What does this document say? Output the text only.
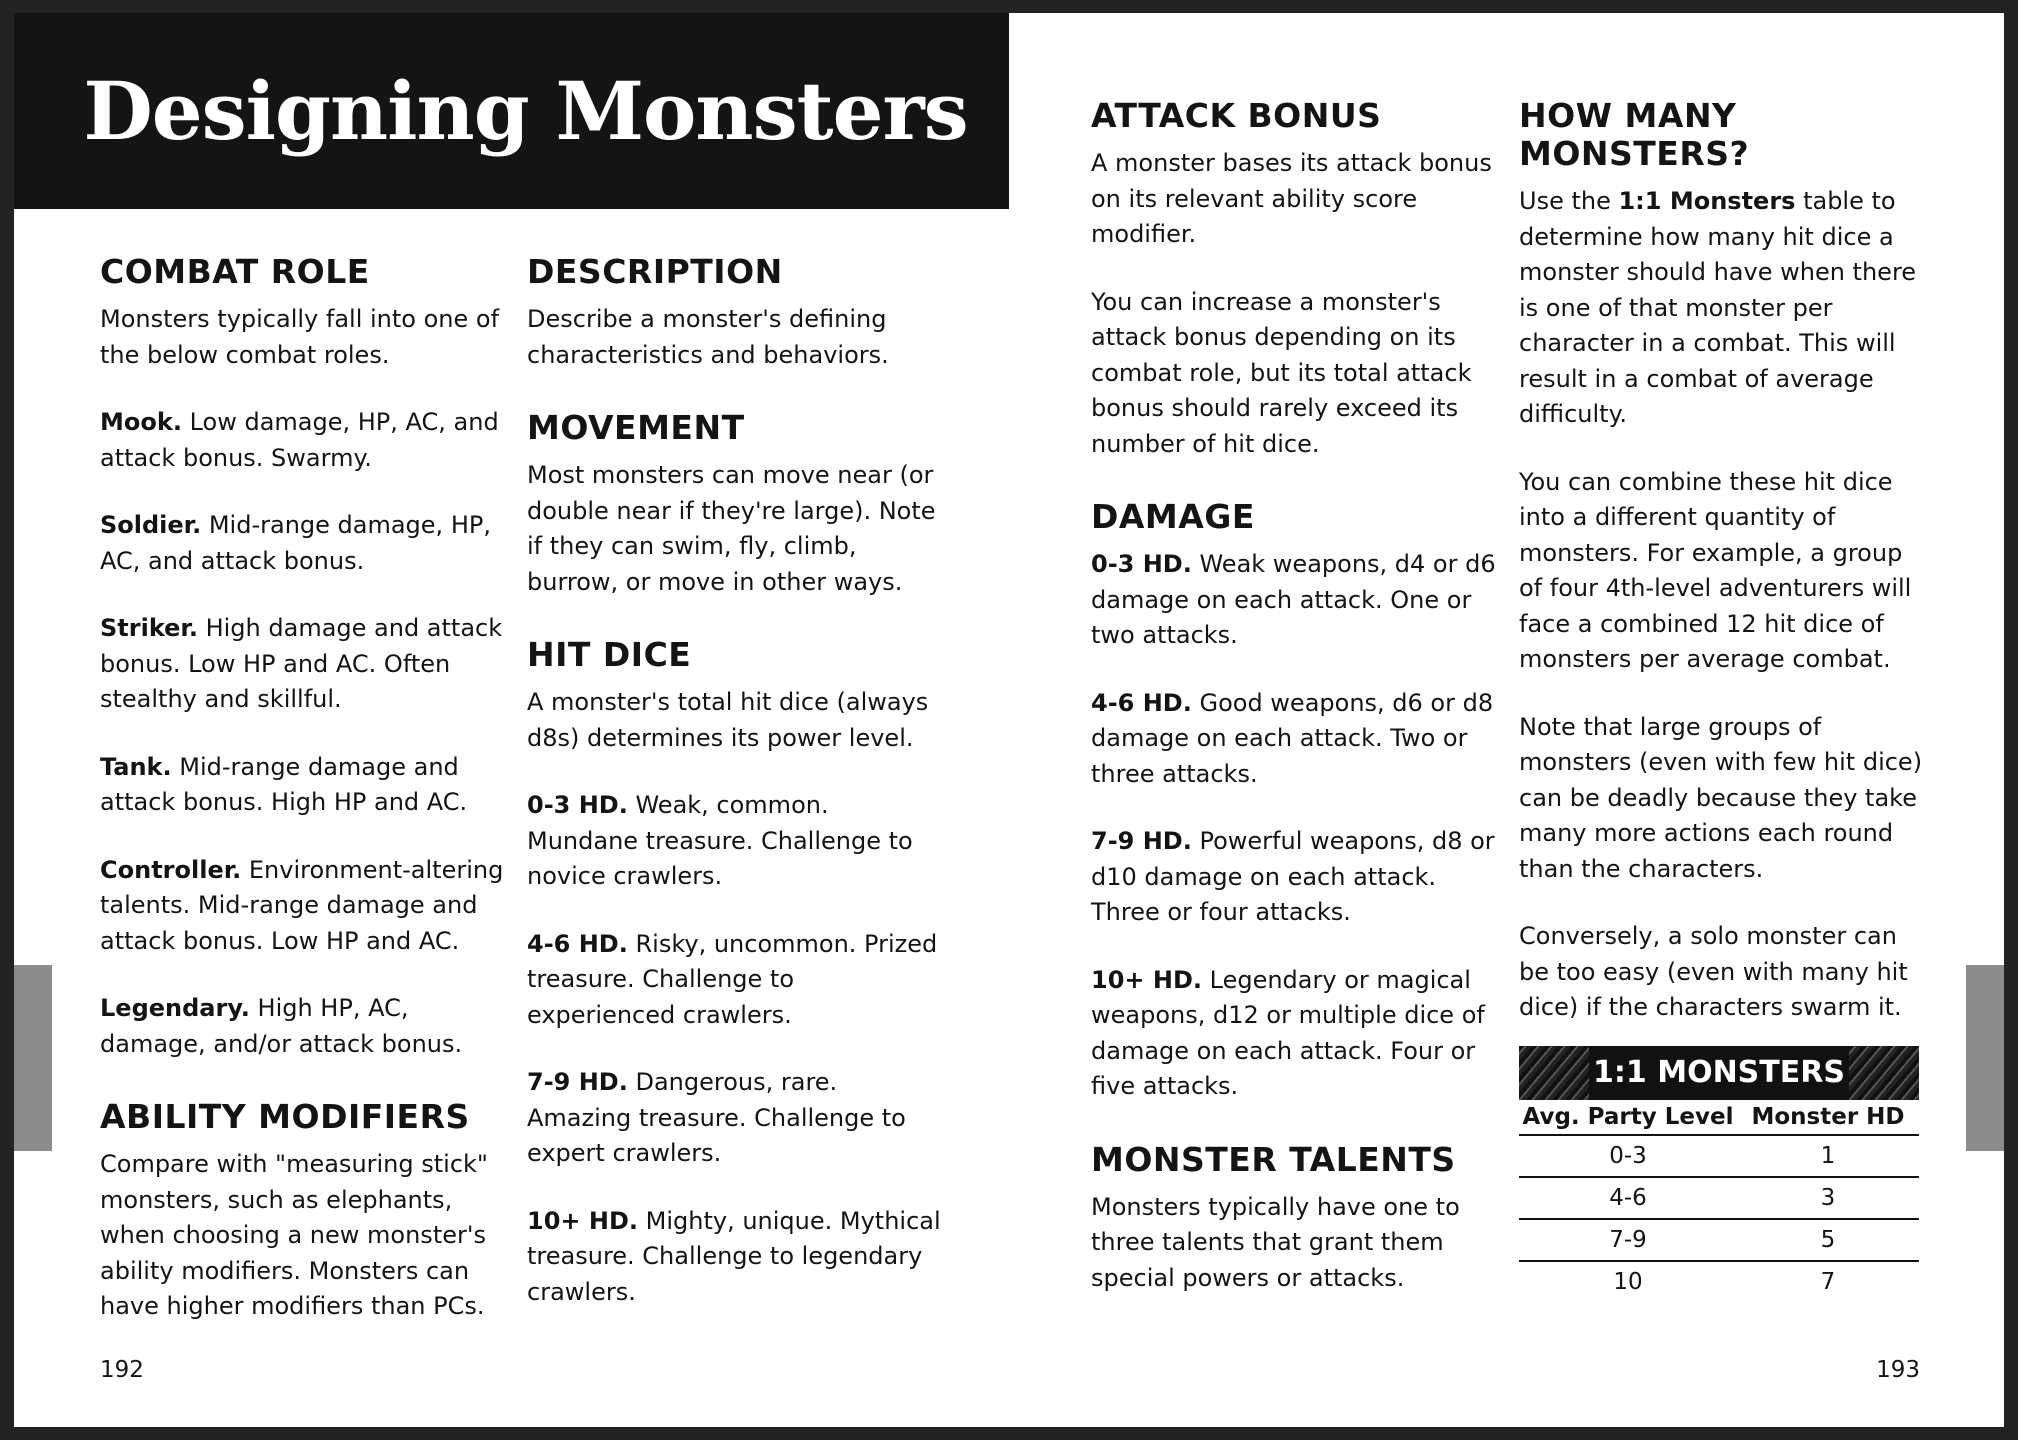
Designing Monsters
COMBAT ROLE

Monsters typically fall into one of the below combat roles.

Mook. Low damage, HP, AC, and attack bonus. Swarmy.

Soldier. Mid-range damage, HP, AC, and attack bonus.

Striker. High damage and attack bonus. Low HP and AC. Often stealthy and skillful.

Tank. Mid-range damage and attack bonus. High HP and AC.

Controller. Environment-altering talents. Mid-range damage and attack bonus. Low HP and AC.

Legendary. High HP, AC, damage, and/or attack bonus.

ABILITY MODIFIERS

Compare with "measuring stick" monsters, such as elephants, when choosing a new monster's ability modifiers. Monsters can have higher modifiers than PCs.

DESCRIPTION

Describe a monster's defining characteristics and behaviors.

MOVEMENT

Most monsters can move near (or double near if they're large). Note if they can swim, fly, climb, burrow, or move in other ways.

HIT DICE

A monster's total hit dice (always d8s) determines its power level.

0-3 HD. Weak, common. Mundane treasure. Challenge to novice crawlers.

4-6 HD. Risky, uncommon. Prized treasure. Challenge to experienced crawlers.

7-9 HD. Dangerous, rare. Amazing treasure. Challenge to expert crawlers.

10+ HD. Mighty, unique. Mythical treasure. Challenge to legendary crawlers.

192
ATTACK BONUS

A monster bases its attack bonus on its relevant ability score modifier.

You can increase a monster's attack bonus depending on its combat role, but its total attack bonus should rarely exceed its number of hit dice.

DAMAGE

0-3 HD. Weak weapons, d4 or d6 damage on each attack. One or two attacks.

4-6 HD. Good weapons, d6 or d8 damage on each attack. Two or three attacks.

7-9 HD. Powerful weapons, d8 or d10 damage on each attack. Three or four attacks.

10+ HD. Legendary or magical weapons, d12 or multiple dice of damage on each attack. Four or five attacks.

MONSTER TALENTS

Monsters typically have one to three talents that grant them special powers or attacks.

HOW MANY
MONSTERS?

Use the 1:1 Monsters table to determine how many hit dice a monster should have when there is one of that monster per character in a combat. This will result in a combat of average difficulty.

You can combine these hit dice into a different quantity of monsters. For example, a group of four 4th-level adventurers will face a combined 12 hit dice of monsters per average combat.

Note that large groups of monsters (even with few hit dice) can be deadly because they take many more actions each round than the characters.

Conversely, a solo monster can be too easy (even with many hit dice) if the characters swarm it.

1:1 MONSTERS
Avg. Party Level Monster HD
0-3	1
4-6	3
7-9	5
10	7
193
